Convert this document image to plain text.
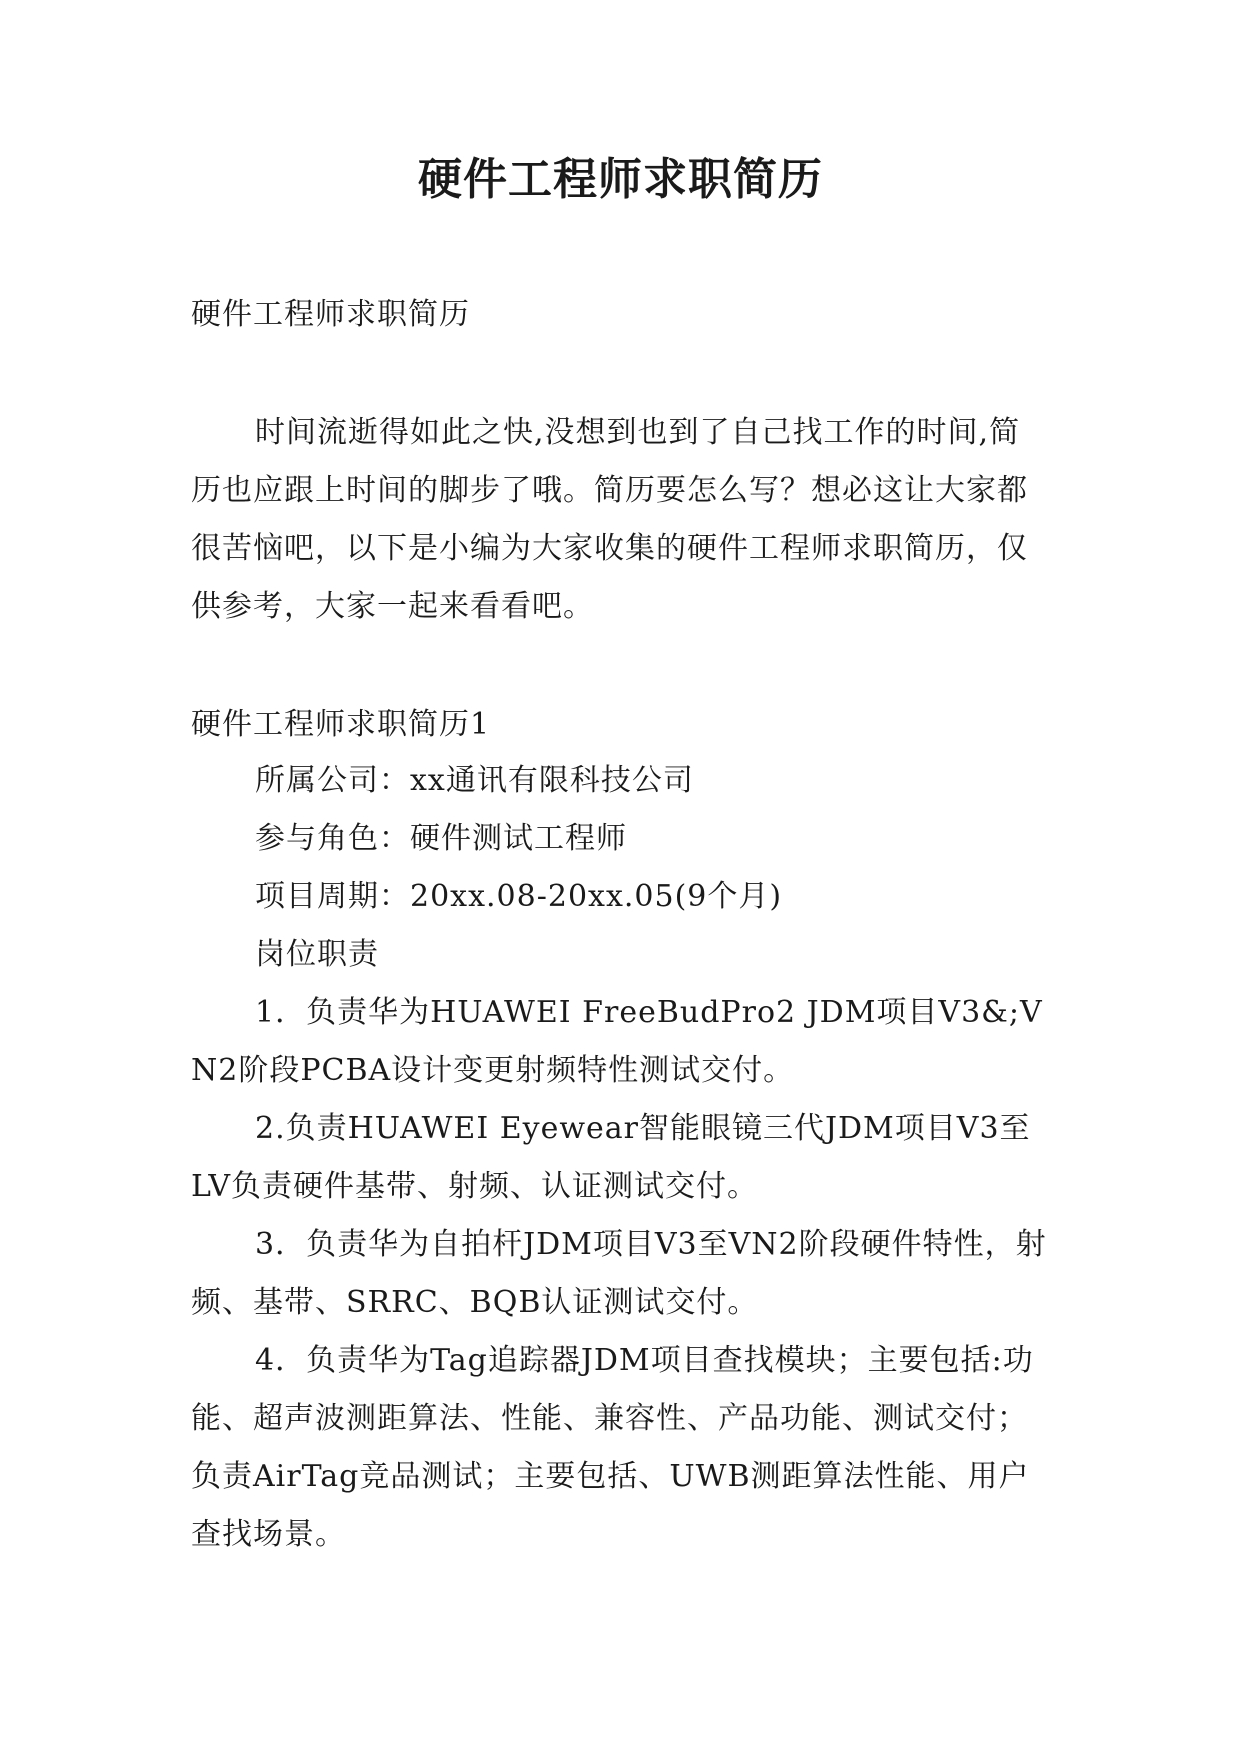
硬件工程师求职简历

硬件工程师求职简历

时间流逝得如此之快,没想到也到了自己找工作的时间,简历也应跟上时间的脚步了哦。简历要怎么写？想必这让大家都很苦恼吧，以下是小编为大家收集的硬件工程师求职简历，仅供参考，大家一起来看看吧。

硬件工程师求职简历1

所属公司：xx通讯有限科技公司

参与角色：硬件测试工程师

项目周期：20xx.08-20xx.05(9个月)

岗位职责

1．负责华为HUAWEI FreeBudPro2 JDM项目V3&;VN2阶段PCBA设计变更射频特性测试交付。

2.负责HUAWEI Eyewear智能眼镜三代JDM项目V3至LV负责硬件基带、射频、认证测试交付。

3．负责华为自拍杆JDM项目V3至VN2阶段硬件特性，射频、基带、SRRC、BQB认证测试交付。

4．负责华为Tag追踪器JDM项目查找模块；主要包括:功能、超声波测距算法、性能、兼容性、产品功能、测试交付；负责AirTag竞品测试；主要包括、UWB测距算法性能、用户查找场景。
